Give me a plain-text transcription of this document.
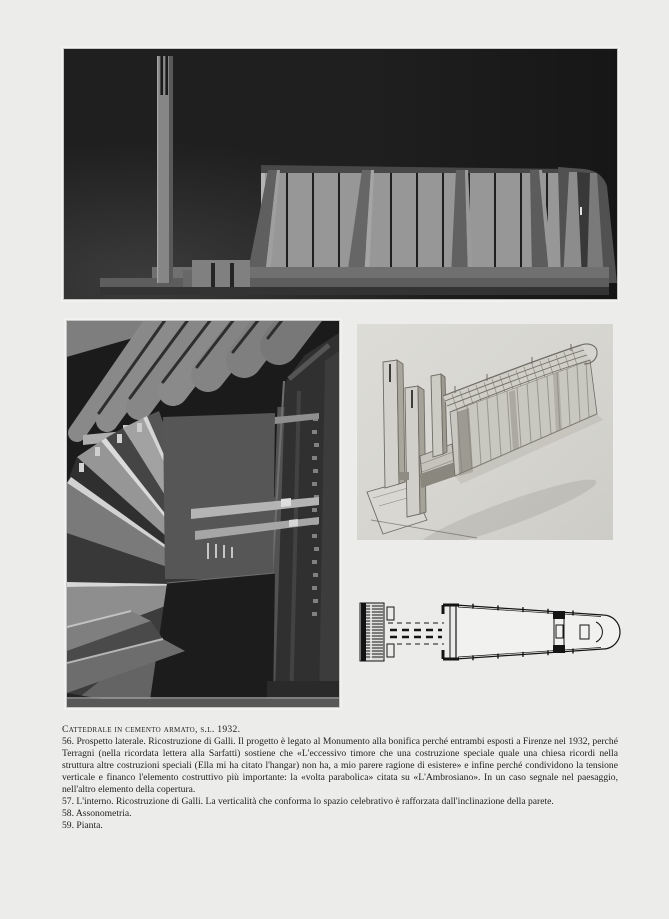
Cattedrale in cemento armato, s.l. 1932.

56. Prospetto laterale. Ricostruzione di Galli. Il progetto è legato al Monumento alla bonifica perché entrambi esposti a Firenze nel 1932, perché Terragni (nella ricordata lettera alla Sarfatti) sostiene che «L'eccessivo timore che una costruzione speciale quale una chiesa ricordi nella struttura altre costruzioni speciali (Ella mi ha citato l'hangar) non ha, a mio parere ragione di esistere» e infine perché condividono la tensione verticale e financo l'elemento costruttivo più importante: la «volta parabolica» citata su «L'Ambrosiano». In un caso segnale nel paesaggio, nell'altro elemento della copertura.

57. L'interno. Ricostruzione di Galli. La verticalità che conforma lo spazio celebrativo è rafforzata dall'inclinazione della parete.

58. Assonometria.

59. Pianta.
